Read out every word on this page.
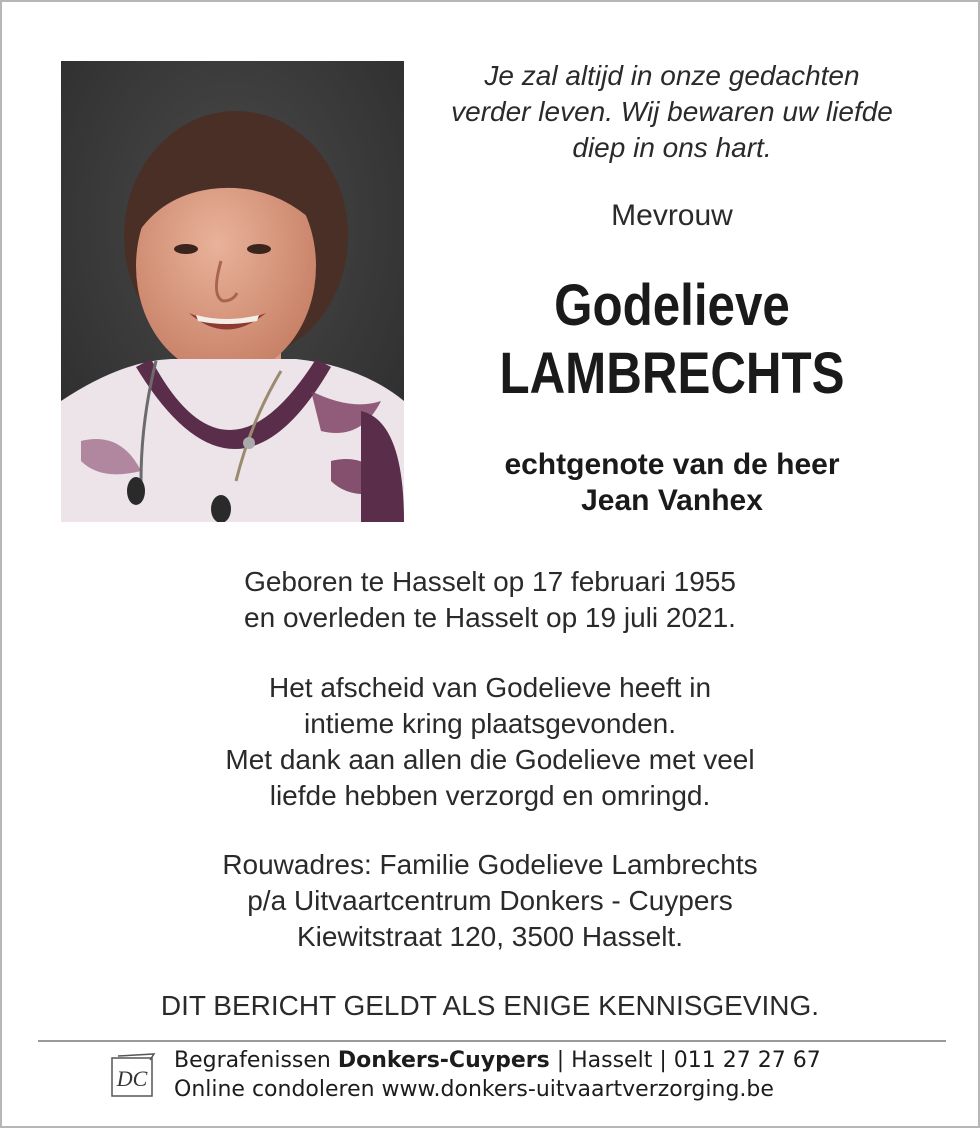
Je zal altijd in onze gedachten
verder leven. Wij bewaren uw liefde
diep in ons hart.
Mevrouw
Godelieve
LAMBRECHTS
echtgenote van de heer
Jean Vanhex
Geboren te Hasselt op 17 februari 1955
en overleden te Hasselt op 19 juli 2021.
Het afscheid van Godelieve heeft in
intieme kring plaatsgevonden.
Met dank aan allen die Godelieve met veel
liefde hebben verzorgd en omringd.
Rouwadres: Familie Godelieve Lambrechts
p/a Uitvaartcentrum Donkers - Cuypers
Kiewitstraat 120, 3500 Hasselt.
DIT BERICHT GELDT ALS ENIGE KENNISGEVING.
DC
Begrafenissen Donkers-Cuypers | Hasselt | 011 27 27 67
Online condoleren www.donkers-uitvaartverzorging.be
